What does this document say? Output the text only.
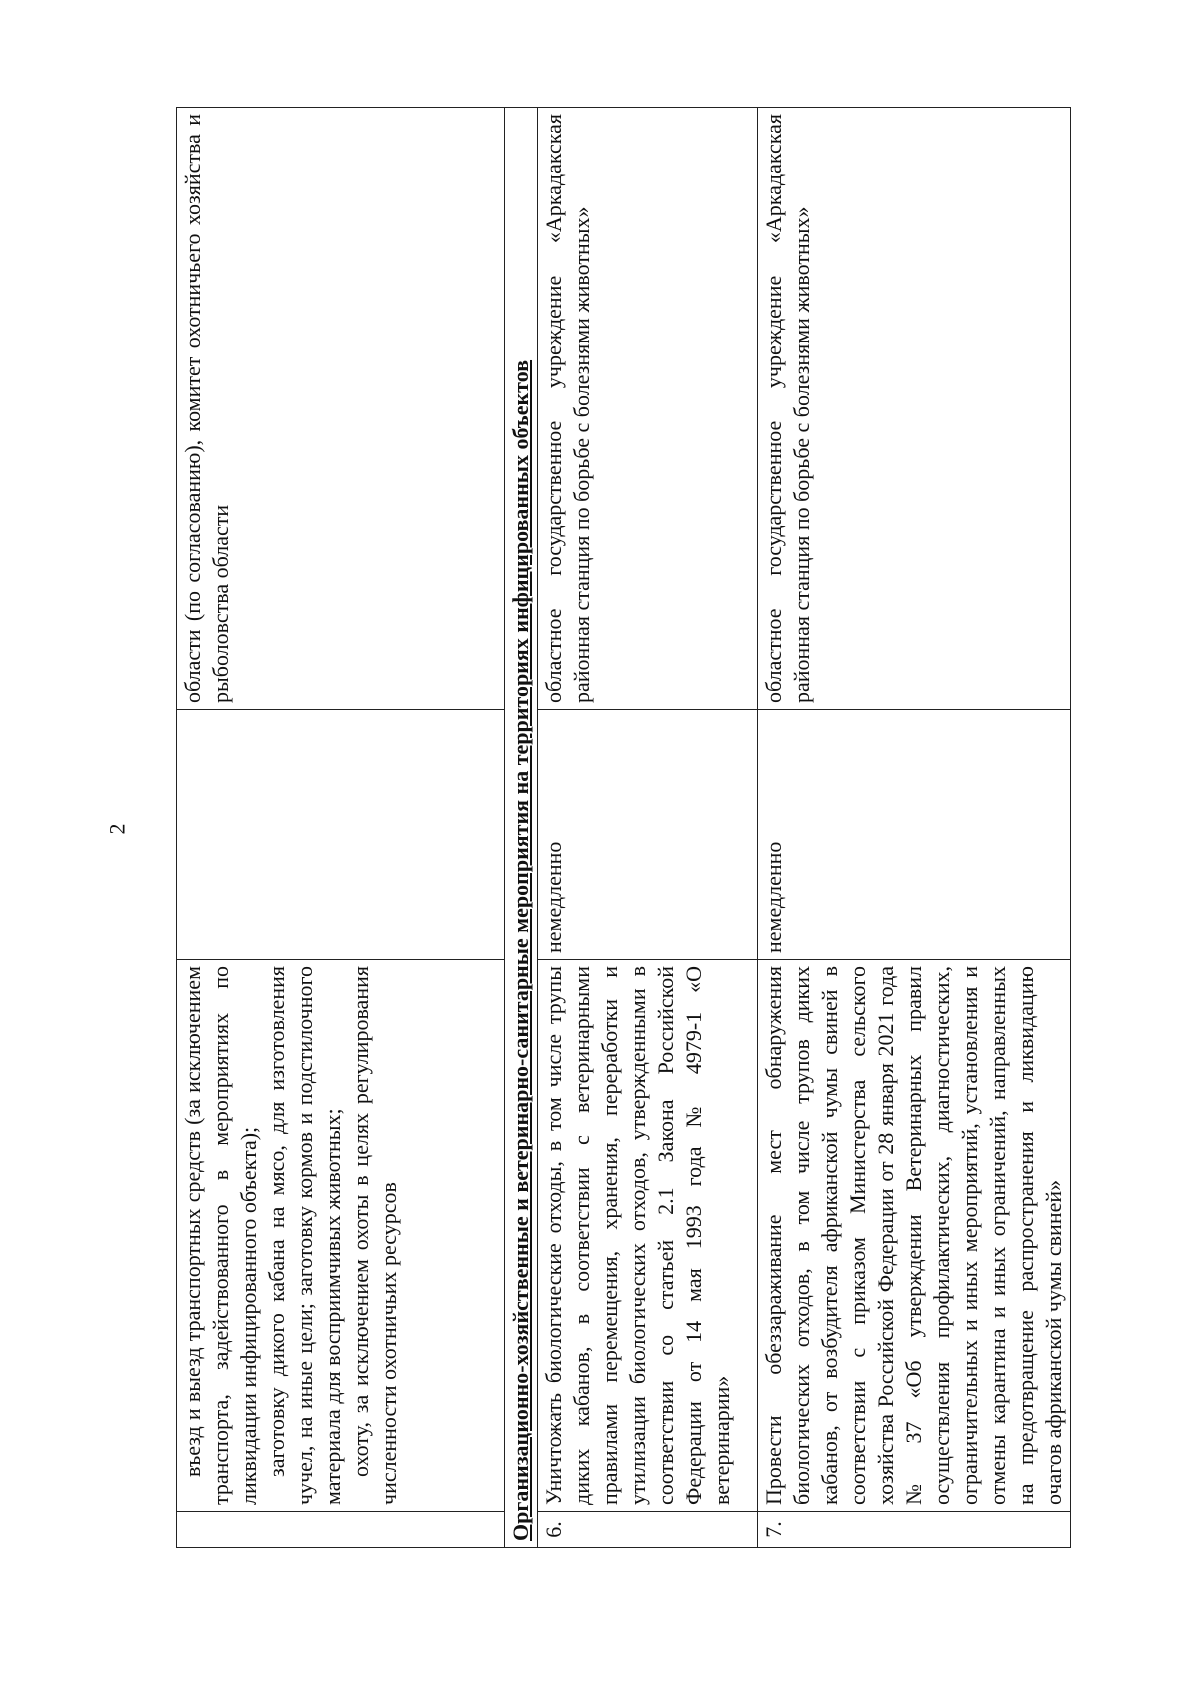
2

	въезд и выезд транспортных средств (за исключением транспорта, задействованного в мероприятиях по ликвидации инфицированного объекта); заготовку дикого кабана на мясо, для изготовления чучел, на иные цели; заготовку кормов и подстилочного материала для восприимчивых животных; охоту, за исключением охоты в целях регулирования численности охотничьих ресурсов		области (по согласованию), комитет охотничьего хозяйства и рыболовства области
Организационно-хозяйственные и ветеринарно-санитарные мероприятия на территориях инфицированных объектов			
6.	Уничтожать биологические отходы, в том числе трупы диких кабанов, в соответствии с ветеринарными правилами перемещения, хранения, переработки и утилизации биологических отходов, утвержденными в соответствии со статьей 2.1 Закона Российской Федерации от 14 мая 1993 года № 4979-1 «О ветеринарии»	немедленно	областное государственное учреждение «Аркадакская районная станция по борьбе с болезнями животных»
7.	Провести обеззараживание мест обнаружения биологических отходов, в том числе трупов диких кабанов, от возбудителя африканской чумы свиней в соответствии с приказом Министерства сельского хозяйства Российской Федерации от 28 января 2021 года № 37 «Об утверждении Ветеринарных правил осуществления профилактических, диагностических, ограничительных и иных мероприятий, установления и отмены карантина и иных ограничений, направленных на предотвращение распространения и ликвидацию очагов африканской чумы свиней»	немедленно	областное государственное учреждение «Аркадакская районная станция по борьбе с болезнями животных»
